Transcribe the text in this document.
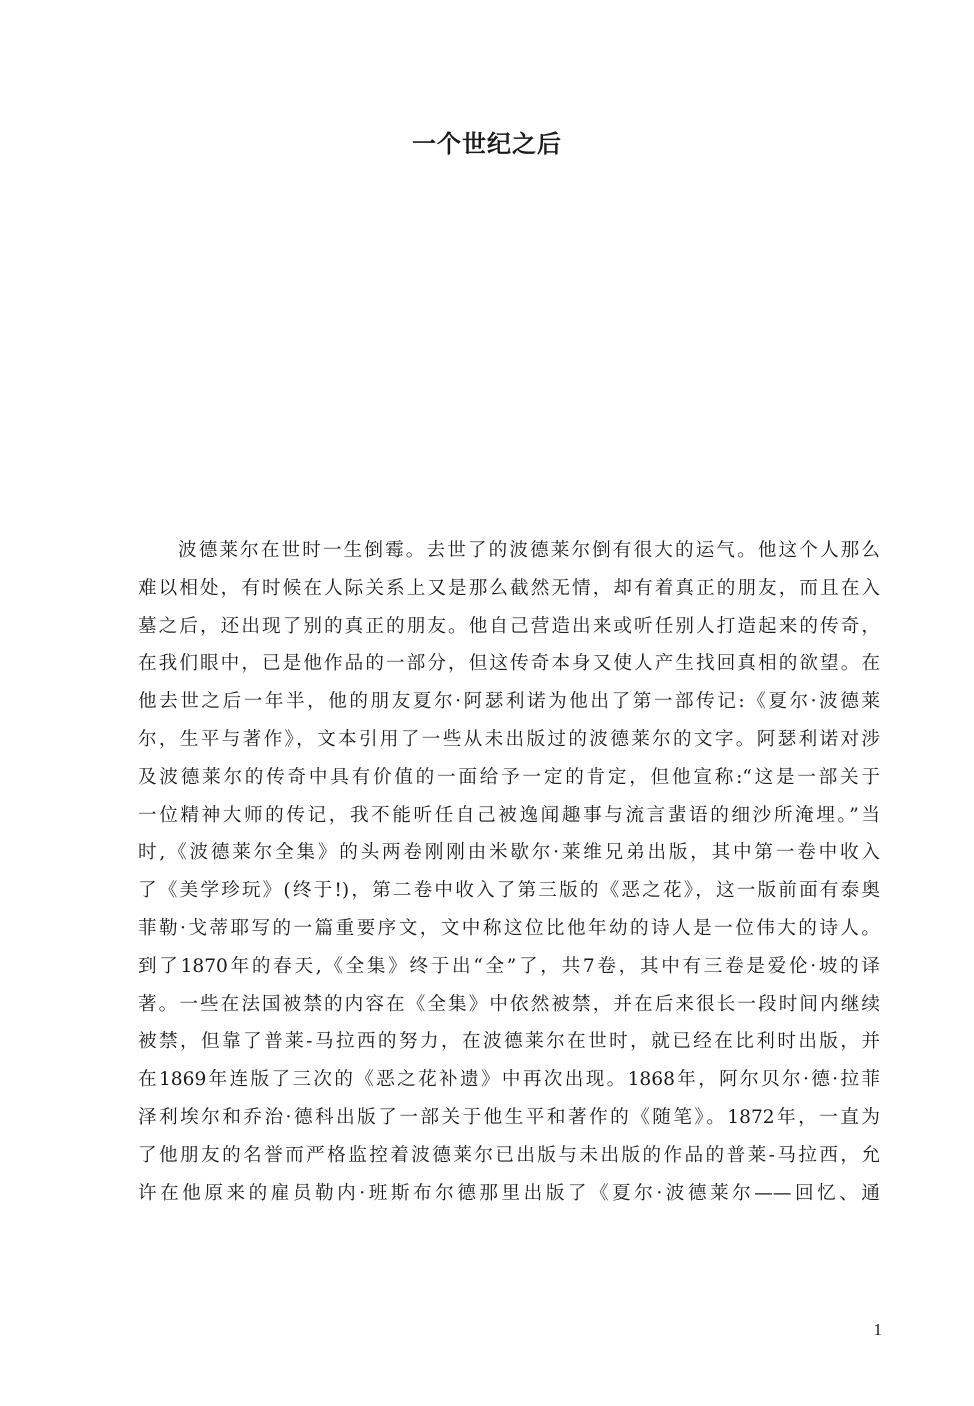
一个世纪之后
波德莱尔在世时一生倒霉。去世了的波德莱尔倒有很大的运气。他这个人那么
难以相处，有时候在人际关系上又是那么截然无情，却有着真正的朋友，而且在入
墓之后，还出现了别的真正的朋友。他自己营造出来或听任别人打造起来的传奇，
在我们眼中，已是他作品的一部分，但这传奇本身又使人产生找回真相的欲望。在
他去世之后一年半，他的朋友夏尔·阿瑟利诺为他出了第一部传记:《夏尔·波德莱
尔，生平与著作》，文本引用了一些从未出版过的波德莱尔的文字。阿瑟利诺对涉
及波德莱尔的传奇中具有价值的一面给予一定的肯定，但他宣称:“这是一部关于
一位精神大师的传记，我不能听任自己被逸闻趣事与流言蜚语的细沙所淹埋。”当
时,《波德莱尔全集》的头两卷刚刚由米歇尔·莱维兄弟出版，其中第一卷中收入
了《美学珍玩》(终于!)，第二卷中收入了第三版的《恶之花》，这一版前面有泰奥
菲勒·戈蒂耶写的一篇重要序文，文中称这位比他年幼的诗人是一位伟大的诗人。
到了1870年的春天,《全集》终于出“全”了，共7卷，其中有三卷是爱伦·坡的译
著。一些在法国被禁的内容在《全集》中依然被禁，并在后来很长一段时间内继续
被禁，但靠了普莱-马拉西的努力，在波德莱尔在世时，就已经在比利时出版，并
在1869年连版了三次的《恶之花补遗》中再次出现。1868年，阿尔贝尔·德·拉菲
泽利埃尔和乔治·德科出版了一部关于他生平和著作的《随笔》。1872年，一直为
了他朋友的名誉而严格监控着波德莱尔已出版与未出版的作品的普莱-马拉西，允
许在他原来的雇员勒内·班斯布尔德那里出版了《夏尔·波德莱尔——回忆、通
1
